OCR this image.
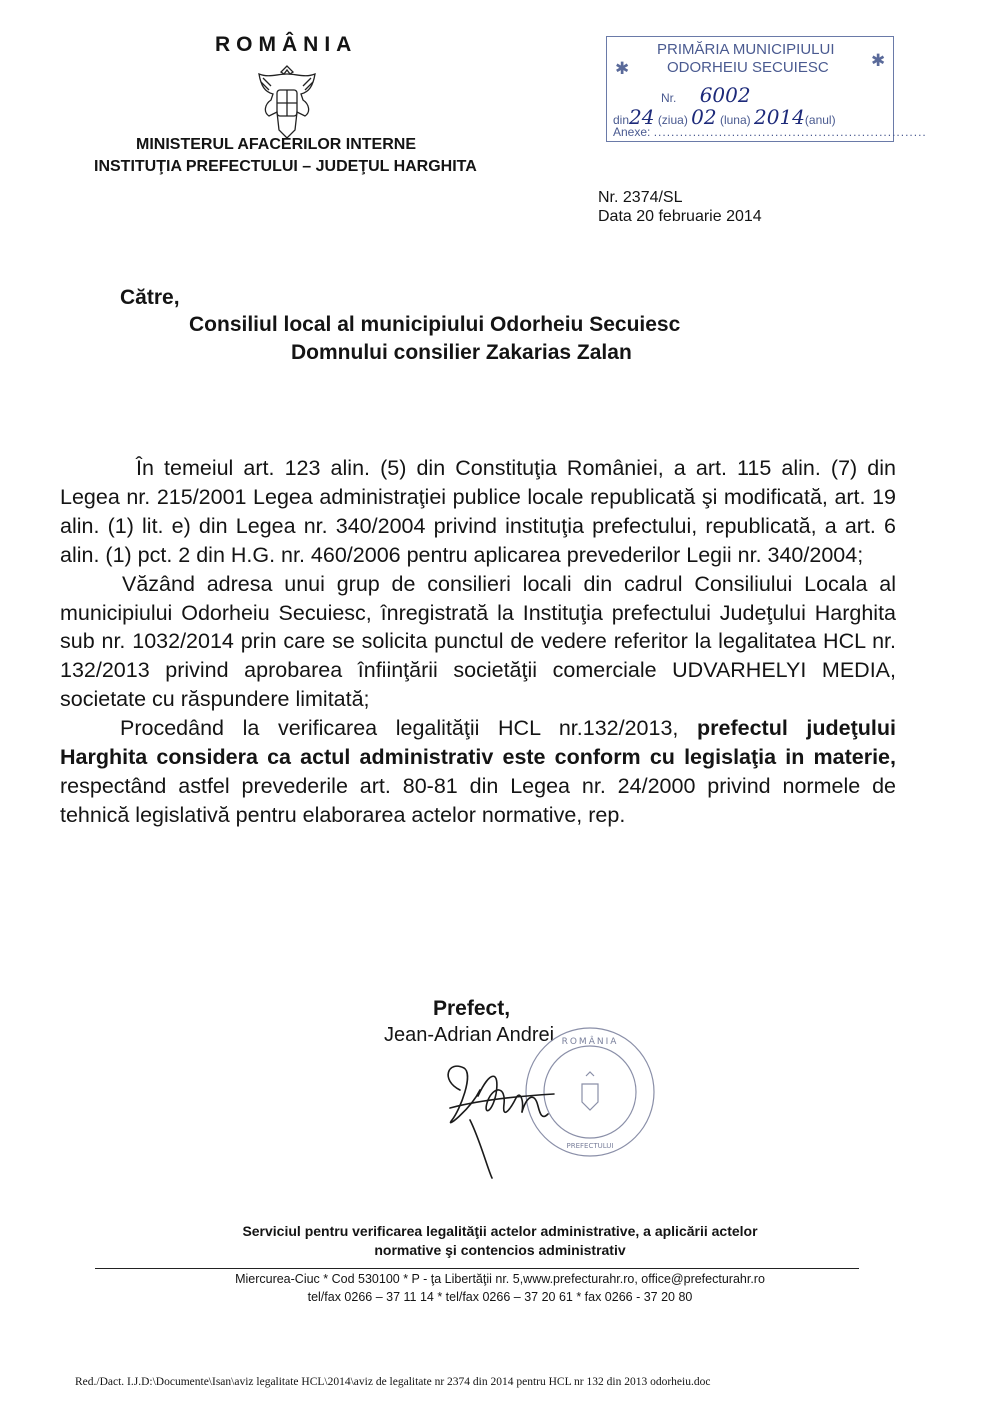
ROMÂNIA
MINISTERUL AFACERILOR INTERNE
INSTITUŢIA PREFECTULUI – JUDEŢUL HARGHITA
✱	✱
PRIMĂRIA MUNICIPIULUI
ODORHEIU SECUIESC
Nr. 6002
din24 (ziua) 02 (luna) 2014(anul)
Anexe: ...............................................................
Nr. 2374/SL
Data 20 februarie 2014
Către,
Consiliul local al municipiului Odorheiu Secuiesc
Domnului consilier Zakarias Zalan

În temeiul art. 123 alin. (5) din Constituţia României, a art. 115 alin. (7) din Legea nr. 215/2001 Legea administraţiei publice locale republicată şi modificată, art. 19 alin. (1) lit. e) din Legea nr. 340/2004 privind instituţia prefectului, republicată, a art. 6 alin. (1) pct. 2 din H.G. nr. 460/2006 pentru aplicarea prevederilor Legii nr. 340/2004;

Văzând adresa unui grup de consilieri locali din cadrul Consiliului Locala al municipiului Odorheiu Secuiesc, înregistrată la Instituţia prefectului Judeţului Harghita sub nr. 1032/2014 prin care se solicita punctul de vedere referitor la legalitatea HCL nr. 132/2013 privind aprobarea înfiinţării societăţii comerciale UDVARHELYI MEDIA, societate cu răspundere limitată;

Procedând la verificarea legalităţii HCL nr.132/2013, prefectul judeţului Harghita considera ca actul administrativ este conform cu legislaţia in materie, respectând astfel prevederile art. 80-81 din Legea nr. 24/2000 privind normele de tehnică legislativă pentru elaborarea actelor normative, rep.

Prefect,
Jean-Adrian Andrei ROMÂNIA
PREFECTULUI
Serviciul pentru verificarea legalităţii actelor administrative, a aplicării actelor
normative şi contencios administrativ
Miercurea-Ciuc * Cod 530100 * P - ţa Libertăţii nr. 5,www.prefecturahr.ro, office@prefecturahr.ro
tel/fax 0266 – 37 11 14 * tel/fax 0266 – 37 20 61 * fax 0266 - 37 20 80
Red./Dact. I.J.D:\Documente\Isan\aviz legalitate HCL\2014\aviz de legalitate nr 2374 din 2014 pentru HCL nr 132 din 2013 odorheiu.doc
